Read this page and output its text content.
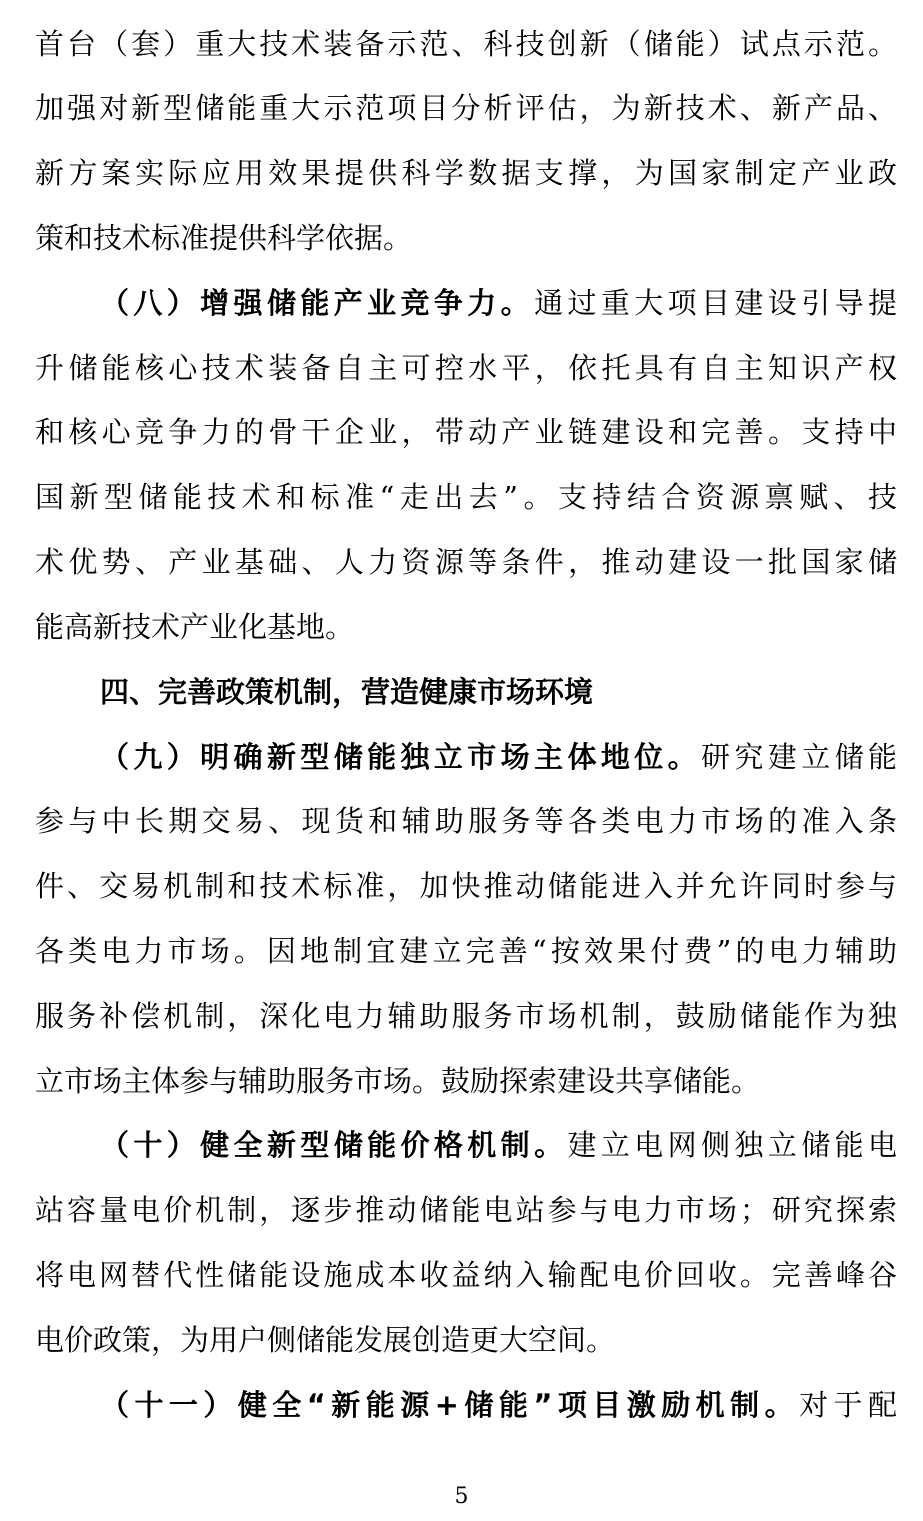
首台（套）重大技术装备示范、科技创新（储能）试点示范。
加强对新型储能重大示范项目分析评估，为新技术、新产品、
新方案实际应用效果提供科学数据支撑，为国家制定产业政
策和技术标准提供科学依据。
（八）增强储能产业竞争力。通过重大项目建设引导提
升储能核心技术装备自主可控水平，依托具有自主知识产权
和核心竞争力的骨干企业，带动产业链建设和完善。支持中
国新型储能技术和标准“走出去”。支持结合资源禀赋、技
术优势、产业基础、人力资源等条件，推动建设一批国家储
能高新技术产业化基地。
四、完善政策机制，营造健康市场环境
（九）明确新型储能独立市场主体地位。研究建立储能
参与中长期交易、现货和辅助服务等各类电力市场的准入条
件、交易机制和技术标准，加快推动储能进入并允许同时参与
各类电力市场。因地制宜建立完善“按效果付费”的电力辅助
服务补偿机制，深化电力辅助服务市场机制，鼓励储能作为独
立市场主体参与辅助服务市场。鼓励探索建设共享储能。
（十）健全新型储能价格机制。建立电网侧独立储能电
站容量电价机制，逐步推动储能电站参与电力市场；研究探索
将电网替代性储能设施成本收益纳入输配电价回收。完善峰谷
电价政策，为用户侧储能发展创造更大空间。
（十一）健全“新能源+储能”项目激励机制。对于配
5
